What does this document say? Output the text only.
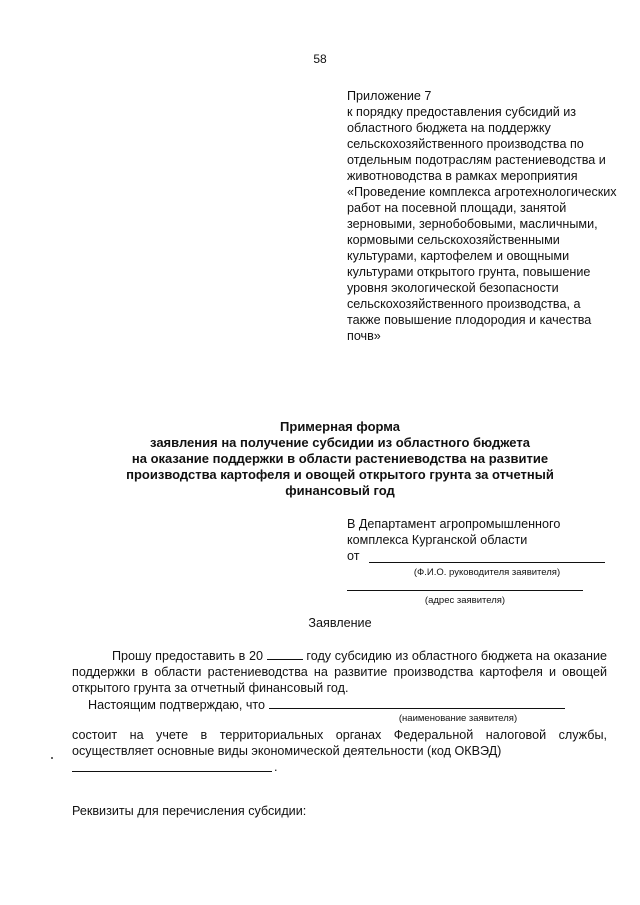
58
Приложение 7
к порядку предоставления субсидий из областного бюджета на поддержку сельскохозяйственного производства по отдельным подотраслям растениеводства и животноводства в рамках мероприятия «Проведение комплекса агротехнологических работ на посевной площади, занятой зерновыми, зернобобовыми, масличными, кормовыми сельскохозяйственными культурами, картофелем и овощными культурами открытого грунта, повышение уровня экологической безопасности сельскохозяйственного производства, а также повышение плодородия и качества почв»
Примерная форма
заявления на получение субсидии из областного бюджета
на оказание поддержки в области растениеводства на развитие
производства картофеля и овощей открытого грунта за отчетный
финансовый год
В Департамент агропромышленного
комплекса Курганской области
от
(Ф.И.О. руководителя заявителя)
(адрес заявителя)
Заявление
Прошу предоставить в 20	году субсидию из областного бюджета на оказание поддержки в области растениеводства на развитие производства картофеля и овощей открытого грунта за отчетный финансовый год.
Настоящим подтверждаю, что
(наименование заявителя)
состоит на учете в территориальных органах Федеральной налоговой службы, осуществляет основные виды экономической деятельности (код ОКВЭД)
.
Реквизиты для перечисления субсидии:
